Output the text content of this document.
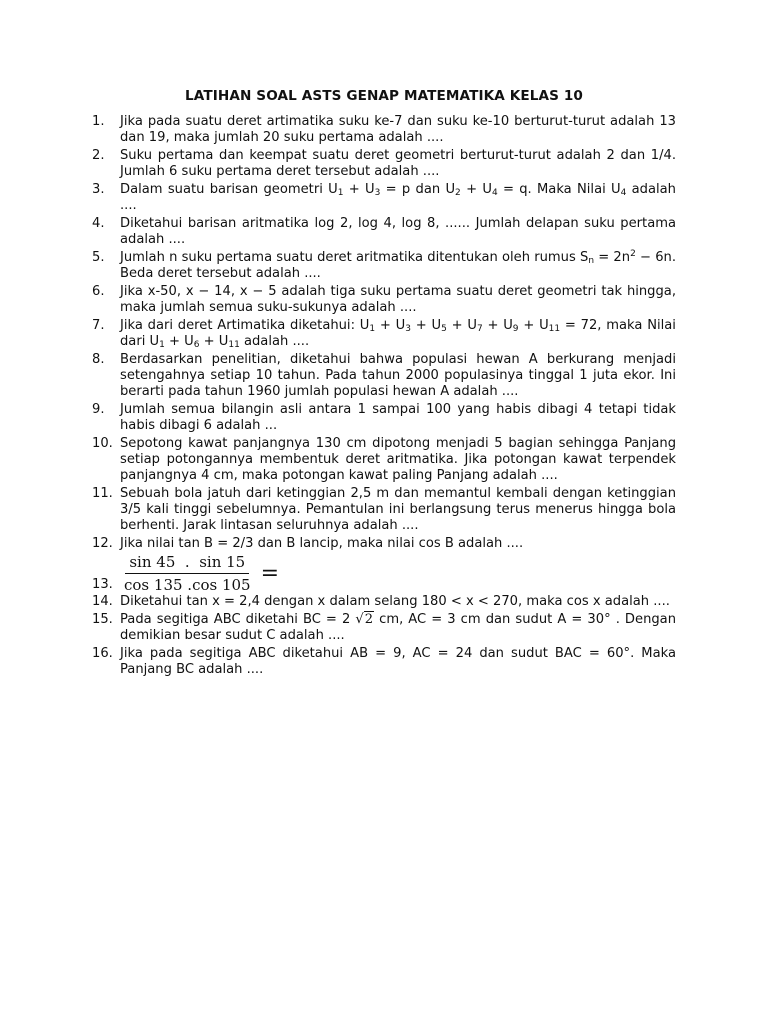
LATIHAN SOAL ASTS GENAP MATEMATIKA KELAS 10
1.	Jika pada suatu deret artimatika suku ke-7 dan suku ke-10 berturut-turut adalah 13 dan 19, maka jumlah 20 suku pertama adalah ....
2.	Suku pertama dan keempat suatu deret geometri berturut-turut adalah 2 dan 1/4. Jumlah 6 suku pertama deret tersebut adalah ....
3.	Dalam suatu barisan geometri $U_1 + U_3 = p$ dan $U_2 + U_4 = q$. Maka Nilai $U_4$ adalah ....
4.	Diketahui barisan aritmatika log 2, log 4, log 8, ...... Jumlah delapan suku pertama adalah ....
5.	Jumlah n suku pertama suatu deret aritmatika ditentukan oleh rumus $S_n = 2n^2 - 6n$. Beda deret tersebut adalah ....
6.	Jika x-50, x − 14, x − 5 adalah tiga suku pertama suatu deret geometri tak hingga, maka jumlah semua suku-sukunya adalah ....
7.	Jika dari deret Artimatika diketahui: $U_1 + U_3 + U_5 + U_7 + U_9 + U_{11} = 72$, maka Nilai dari $U_1 + U_6 + U_{11}$ adalah ....
8.	Berdasarkan penelitian, diketahui bahwa populasi hewan A berkurang menjadi setengahnya setiap 10 tahun. Pada tahun 2000 populasinya tinggal 1 juta ekor. Ini berarti pada tahun 1960 jumlah populasi hewan A adalah ....
9.	Jumlah semua bilangin asli antara 1 sampai 100 yang habis dibagi 4 tetapi tidak habis dibagi 6 adalah ...
10. Sepotong kawat panjangnya 130 cm dipotong menjadi 5 bagian sehingga Panjang setiap potongannya membentuk deret aritmatika. Jika potongan kawat terpendek panjangnya 4 cm, maka potongan kawat paling Panjang adalah ....
11. Sebuah bola jatuh dari ketinggian 2,5 m dan memantul kembali dengan ketinggian 3/5 kali tinggi sebelumnya. Pemantulan ini berlangsung terus menerus hingga bola berhenti. Jarak lintasan seluruhnya adalah ....
12. Jika nilai tan B = 2/3 dan B lancip, maka nilai cos B adalah ....
13. $\frac{\sin 45 . \sin 15}{\cos 135 .\cos 105}$ =
14. Diketahui tan x = 2,4 dengan x dalam selang 180 < x < 270, maka cos x adalah ....
15. Pada segitiga ABC diketahi BC = 2 √2 cm, AC = 3 cm dan sudut A = 30° . Dengan demikian besar sudut C adalah ....
16. Jika pada segitiga ABC diketahui AB = 9, AC = 24 dan sudut BAC = 60°. Maka Panjang BC adalah ....
